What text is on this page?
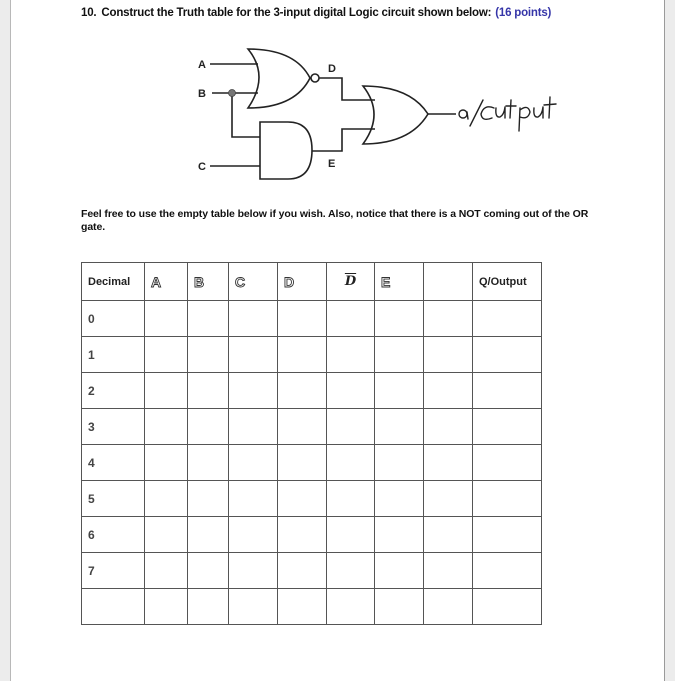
10. Construct the Truth table for the 3-input digital Logic circuit shown below: (16 points)
A
B
C
D
E
Feel free to use the empty table below if you wish. Also, notice that there is a NOT coming out of the OR gate.
Decimal	A	B	C	D	$\overline{D}$	E		Q/Output
0								
1								
2								
3								
4								
5								
6								
7								
